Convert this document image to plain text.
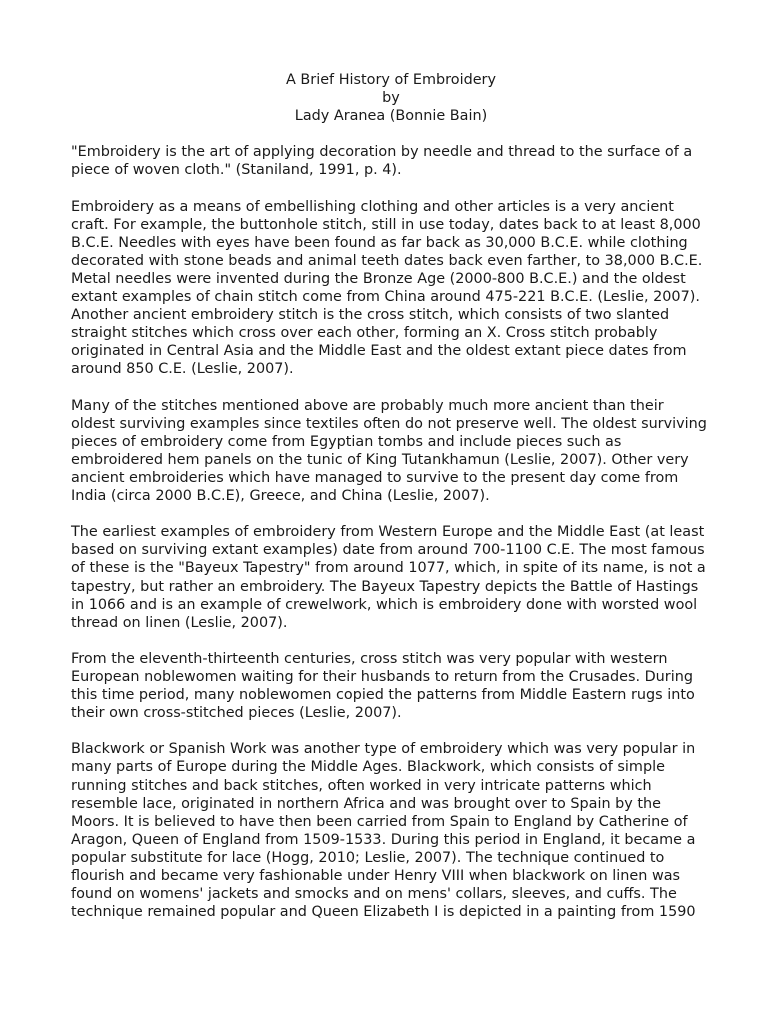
A Brief History of Embroidery
by
Lady Aranea (Bonnie Bain)

"Embroidery is the art of applying decoration by needle and thread to the surface of a piece of woven cloth." (Staniland, 1991, p. 4).

Embroidery as a means of embellishing clothing and other articles is a very ancient craft. For example, the buttonhole stitch, still in use today, dates back to at least 8,000 B.C.E. Needles with eyes have been found as far back as 30,000 B.C.E. while clothing decorated with stone beads and animal teeth dates back even farther, to 38,000 B.C.E. Metal needles were invented during the Bronze Age (2000-800 B.C.E.) and the oldest extant examples of chain stitch come from China around 475-221 B.C.E. (Leslie, 2007). Another ancient embroidery stitch is the cross stitch, which consists of two slanted straight stitches which cross over each other, forming an X. Cross stitch probably originated in Central Asia and the Middle East and the oldest extant piece dates from around 850 C.E. (Leslie, 2007).

Many of the stitches mentioned above are probably much more ancient than their oldest surviving examples since textiles often do not preserve well. The oldest surviving pieces of embroidery come from Egyptian tombs and include pieces such as embroidered hem panels on the tunic of King Tutankhamun (Leslie, 2007). Other very ancient embroideries which have managed to survive to the present day come from India (circa 2000 B.C.E), Greece, and China (Leslie, 2007).

The earliest examples of embroidery from Western Europe and the Middle East (at least based on surviving extant examples) date from around 700-1100 C.E. The most famous of these is the "Bayeux Tapestry" from around 1077, which, in spite of its name, is not a tapestry, but rather an embroidery. The Bayeux Tapestry depicts the Battle of Hastings in 1066 and is an example of crewelwork, which is embroidery done with worsted wool thread on linen (Leslie, 2007).

From the eleventh-thirteenth centuries, cross stitch was very popular with western European noblewomen waiting for their husbands to return from the Crusades. During this time period, many noblewomen copied the patterns from Middle Eastern rugs into their own cross-stitched pieces (Leslie, 2007).

Blackwork or Spanish Work was another type of embroidery which was very popular in many parts of Europe during the Middle Ages. Blackwork, which consists of simple running stitches and back stitches, often worked in very intricate patterns which resemble lace, originated in northern Africa and was brought over to Spain by the Moors. It is believed to have then been carried from Spain to England by Catherine of Aragon, Queen of England from 1509-1533. During this period in England, it became a popular substitute for lace (Hogg, 2010; Leslie, 2007). The technique continued to flourish and became very fashionable under Henry VIII when blackwork on linen was found on womens' jackets and smocks and on mens' collars, sleeves, and cuffs. The technique remained popular and Queen Elizabeth I is depicted in a painting from 1590
